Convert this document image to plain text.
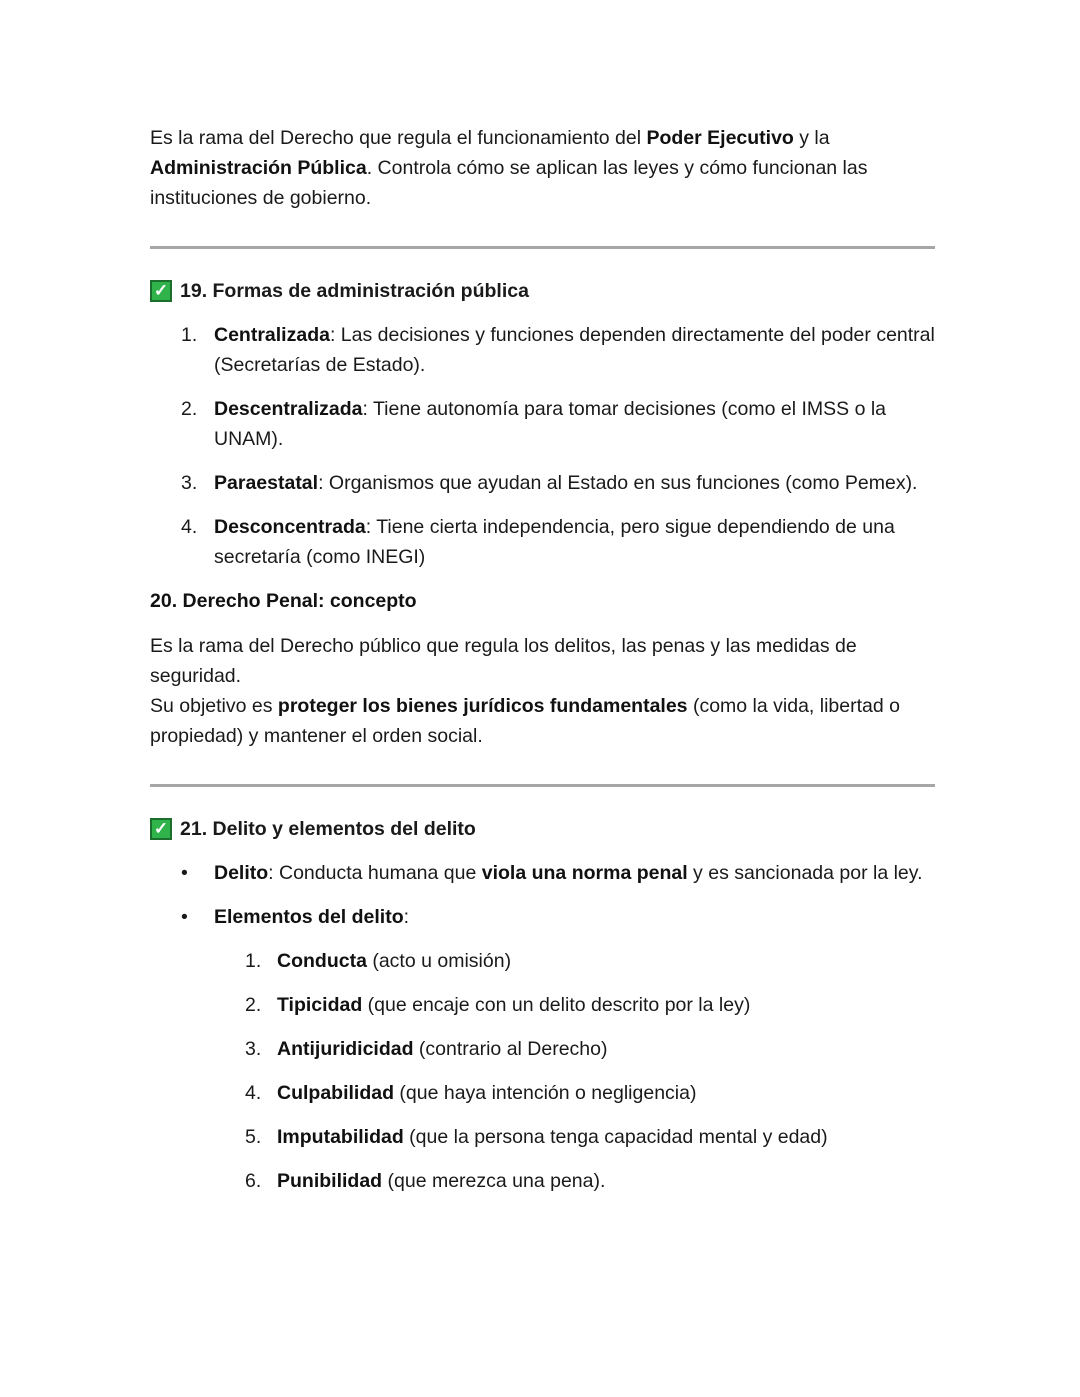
Es la rama del Derecho que regula el funcionamiento del Poder Ejecutivo y la Administración Pública. Controla cómo se aplican las leyes y cómo funcionan las instituciones de gobierno.

✓ 19. Formas de administración pública
1. Centralizada: Las decisiones y funciones dependen directamente del poder central (Secretarías de Estado).
2. Descentralizada: Tiene autonomía para tomar decisiones (como el IMSS o la UNAM).
3. Paraestatal: Organismos que ayudan al Estado en sus funciones (como Pemex).
4. Desconcentrada: Tiene cierta independencia, pero sigue dependiendo de una secretaría (como INEGI)

20. Derecho Penal: concepto

Es la rama del Derecho público que regula los delitos, las penas y las medidas de seguridad.

Su objetivo es proteger los bienes jurídicos fundamentales (como la vida, libertad o propiedad) y mantener el orden social.

✓ 21. Delito y elementos del delito
• Delito: Conducta humana que viola una norma penal y es sancionada por la ley.
• Elementos del delito:
1. Conducta (acto u omisión)
2. Tipicidad (que encaje con un delito descrito por la ley)
3. Antijuridicidad (contrario al Derecho)
4. Culpabilidad (que haya intención o negligencia)
5. Imputabilidad (que la persona tenga capacidad mental y edad)
6. Punibilidad (que merezca una pena).
